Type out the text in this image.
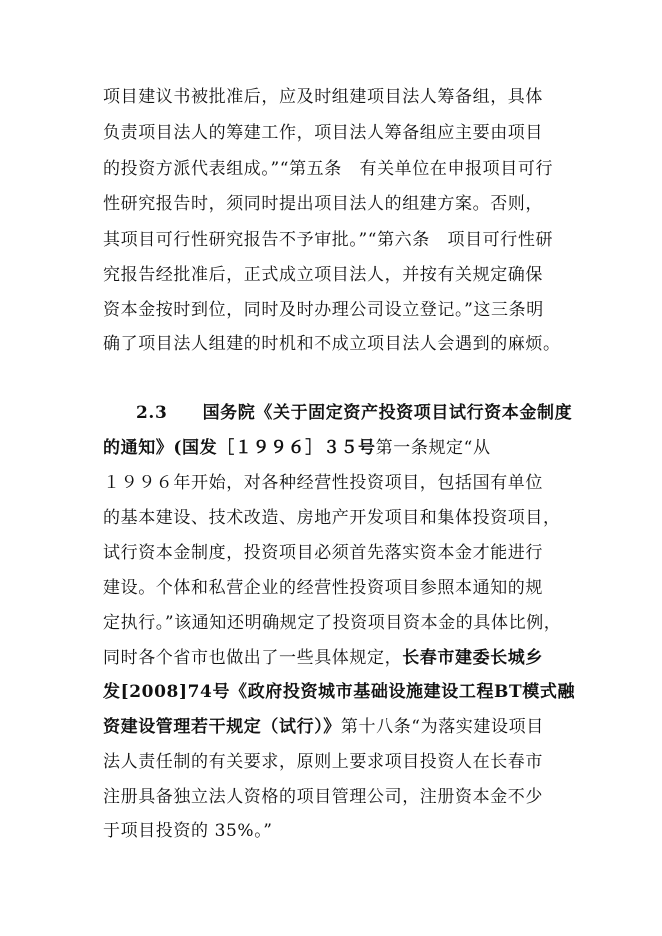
项目建议书被批准后，应及时组建项目法人筹备组，具体
负责项目法人的筹建工作，项目法人筹备组应主要由项目
的投资方派代表组成。”“第五条　有关单位在申报项目可行
性研究报告时，须同时提出项目法人的组建方案。否则，
其项目可行性研究报告不予审批。”“第六条　项目可行性研
究报告经批准后，正式成立项目法人，并按有关规定确保
资本金按时到位，同时及时办理公司设立登记。”这三条明
确了项目法人组建的时机和不成立项目法人会遇到的麻烦。
2.3　　国务院《关于固定资产投资项目试行资本金制度
的通知》(国发［１９９６］３５号第一条规定“从
１９９６年开始，对各种经营性投资项目，包括国有单位
的基本建设、技术改造、房地产开发项目和集体投资项目，
试行资本金制度，投资项目必须首先落实资本金才能进行
建设。个体和私营企业的经营性投资项目参照本通知的规
定执行。”该通知还明确规定了投资项目资本金的具体比例，
同时各个省市也做出了一些具体规定，长春市建委长城乡
发[2008]74号《政府投资城市基础设施建设工程BT模式融
资建设管理若干规定（试行）》第十八条“为落实建设项目
法人责任制的有关要求，原则上要求项目投资人在长春市
注册具备独立法人资格的项目管理公司，注册资本金不少
于项目投资的 35%。”
